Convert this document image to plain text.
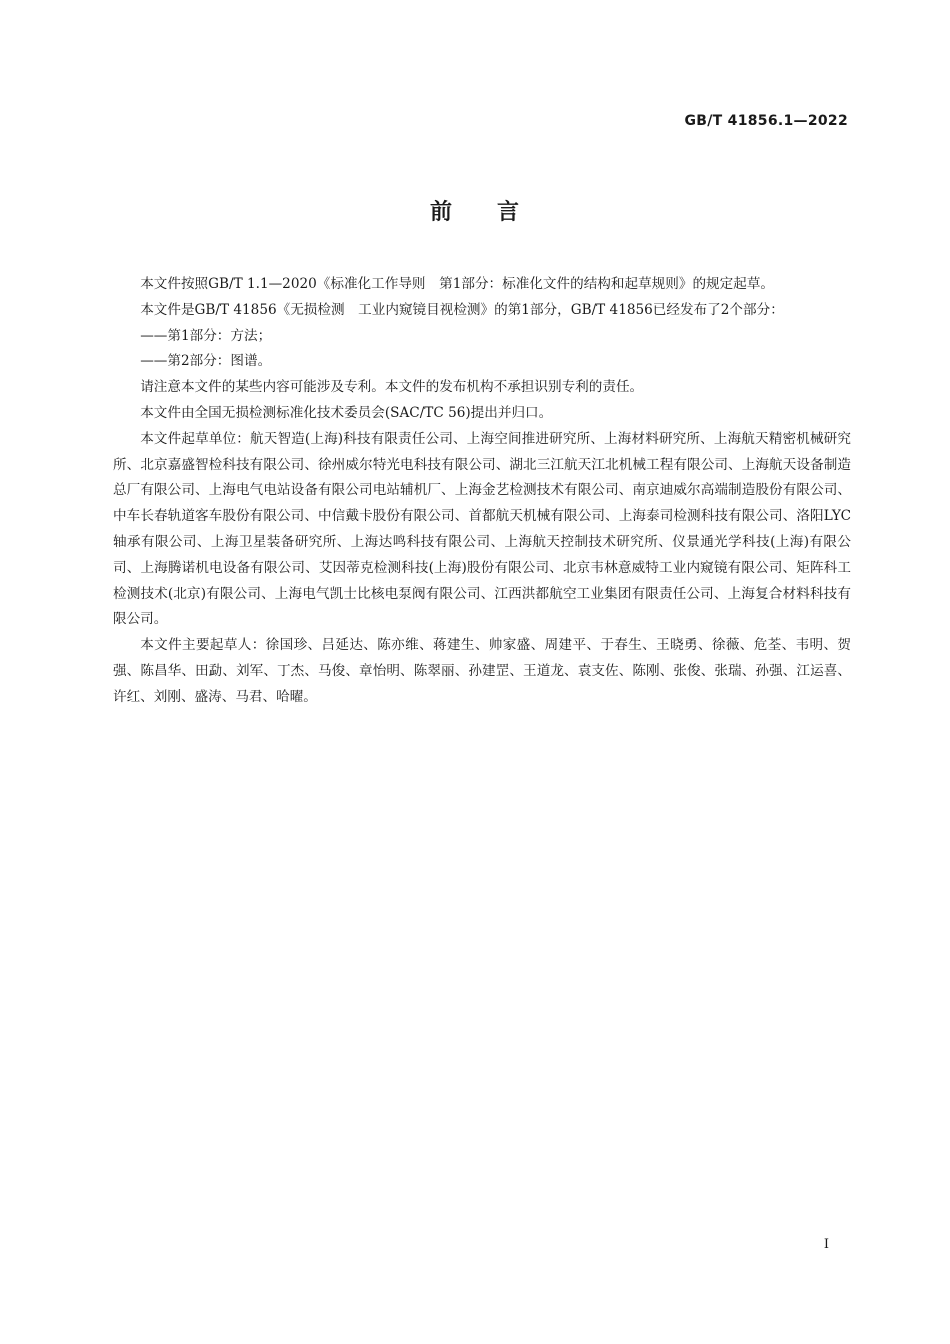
GB/T 41856.1—2022
前 言

本文件按照GB/T 1.1—2020《标准化工作导则　第1部分：标准化文件的结构和起草规则》的规定起草。

本文件是GB/T 41856《无损检测　工业内窥镜目视检测》的第1部分，GB/T 41856已经发布了2个部分：

——第1部分：方法；

——第2部分：图谱。

请注意本文件的某些内容可能涉及专利。本文件的发布机构不承担识别专利的责任。

本文件由全国无损检测标准化技术委员会(SAC/TC 56)提出并归口。

本文件起草单位：航天智造(上海)科技有限责任公司、上海空间推进研究所、上海材料研究所、上海航天精密机械研究所、北京嘉盛智检科技有限公司、徐州威尔特光电科技有限公司、湖北三江航天江北机械工程有限公司、上海航天设备制造总厂有限公司、上海电气电站设备有限公司电站辅机厂、上海金艺检测技术有限公司、南京迪威尔高端制造股份有限公司、中车长春轨道客车股份有限公司、中信戴卡股份有限公司、首都航天机械有限公司、上海泰司检测科技有限公司、洛阳LYC轴承有限公司、上海卫星装备研究所、上海达鸣科技有限公司、上海航天控制技术研究所、仪景通光学科技(上海)有限公司、上海腾诺机电设备有限公司、艾因蒂克检测科技(上海)股份有限公司、北京韦林意威特工业内窥镜有限公司、矩阵科工检测技术(北京)有限公司、上海电气凯士比核电泵阀有限公司、江西洪都航空工业集团有限责任公司、上海复合材料科技有限公司。

本文件主要起草人：徐国珍、吕延达、陈亦维、蒋建生、帅家盛、周建平、于春生、王晓勇、徐薇、危荃、韦明、贺强、陈昌华、田勐、刘军、丁杰、马俊、章怡明、陈翠丽、孙建罡、王道龙、袁支佐、陈刚、张俊、张瑞、孙强、江运喜、许红、刘刚、盛涛、马君、哈曜。

I
